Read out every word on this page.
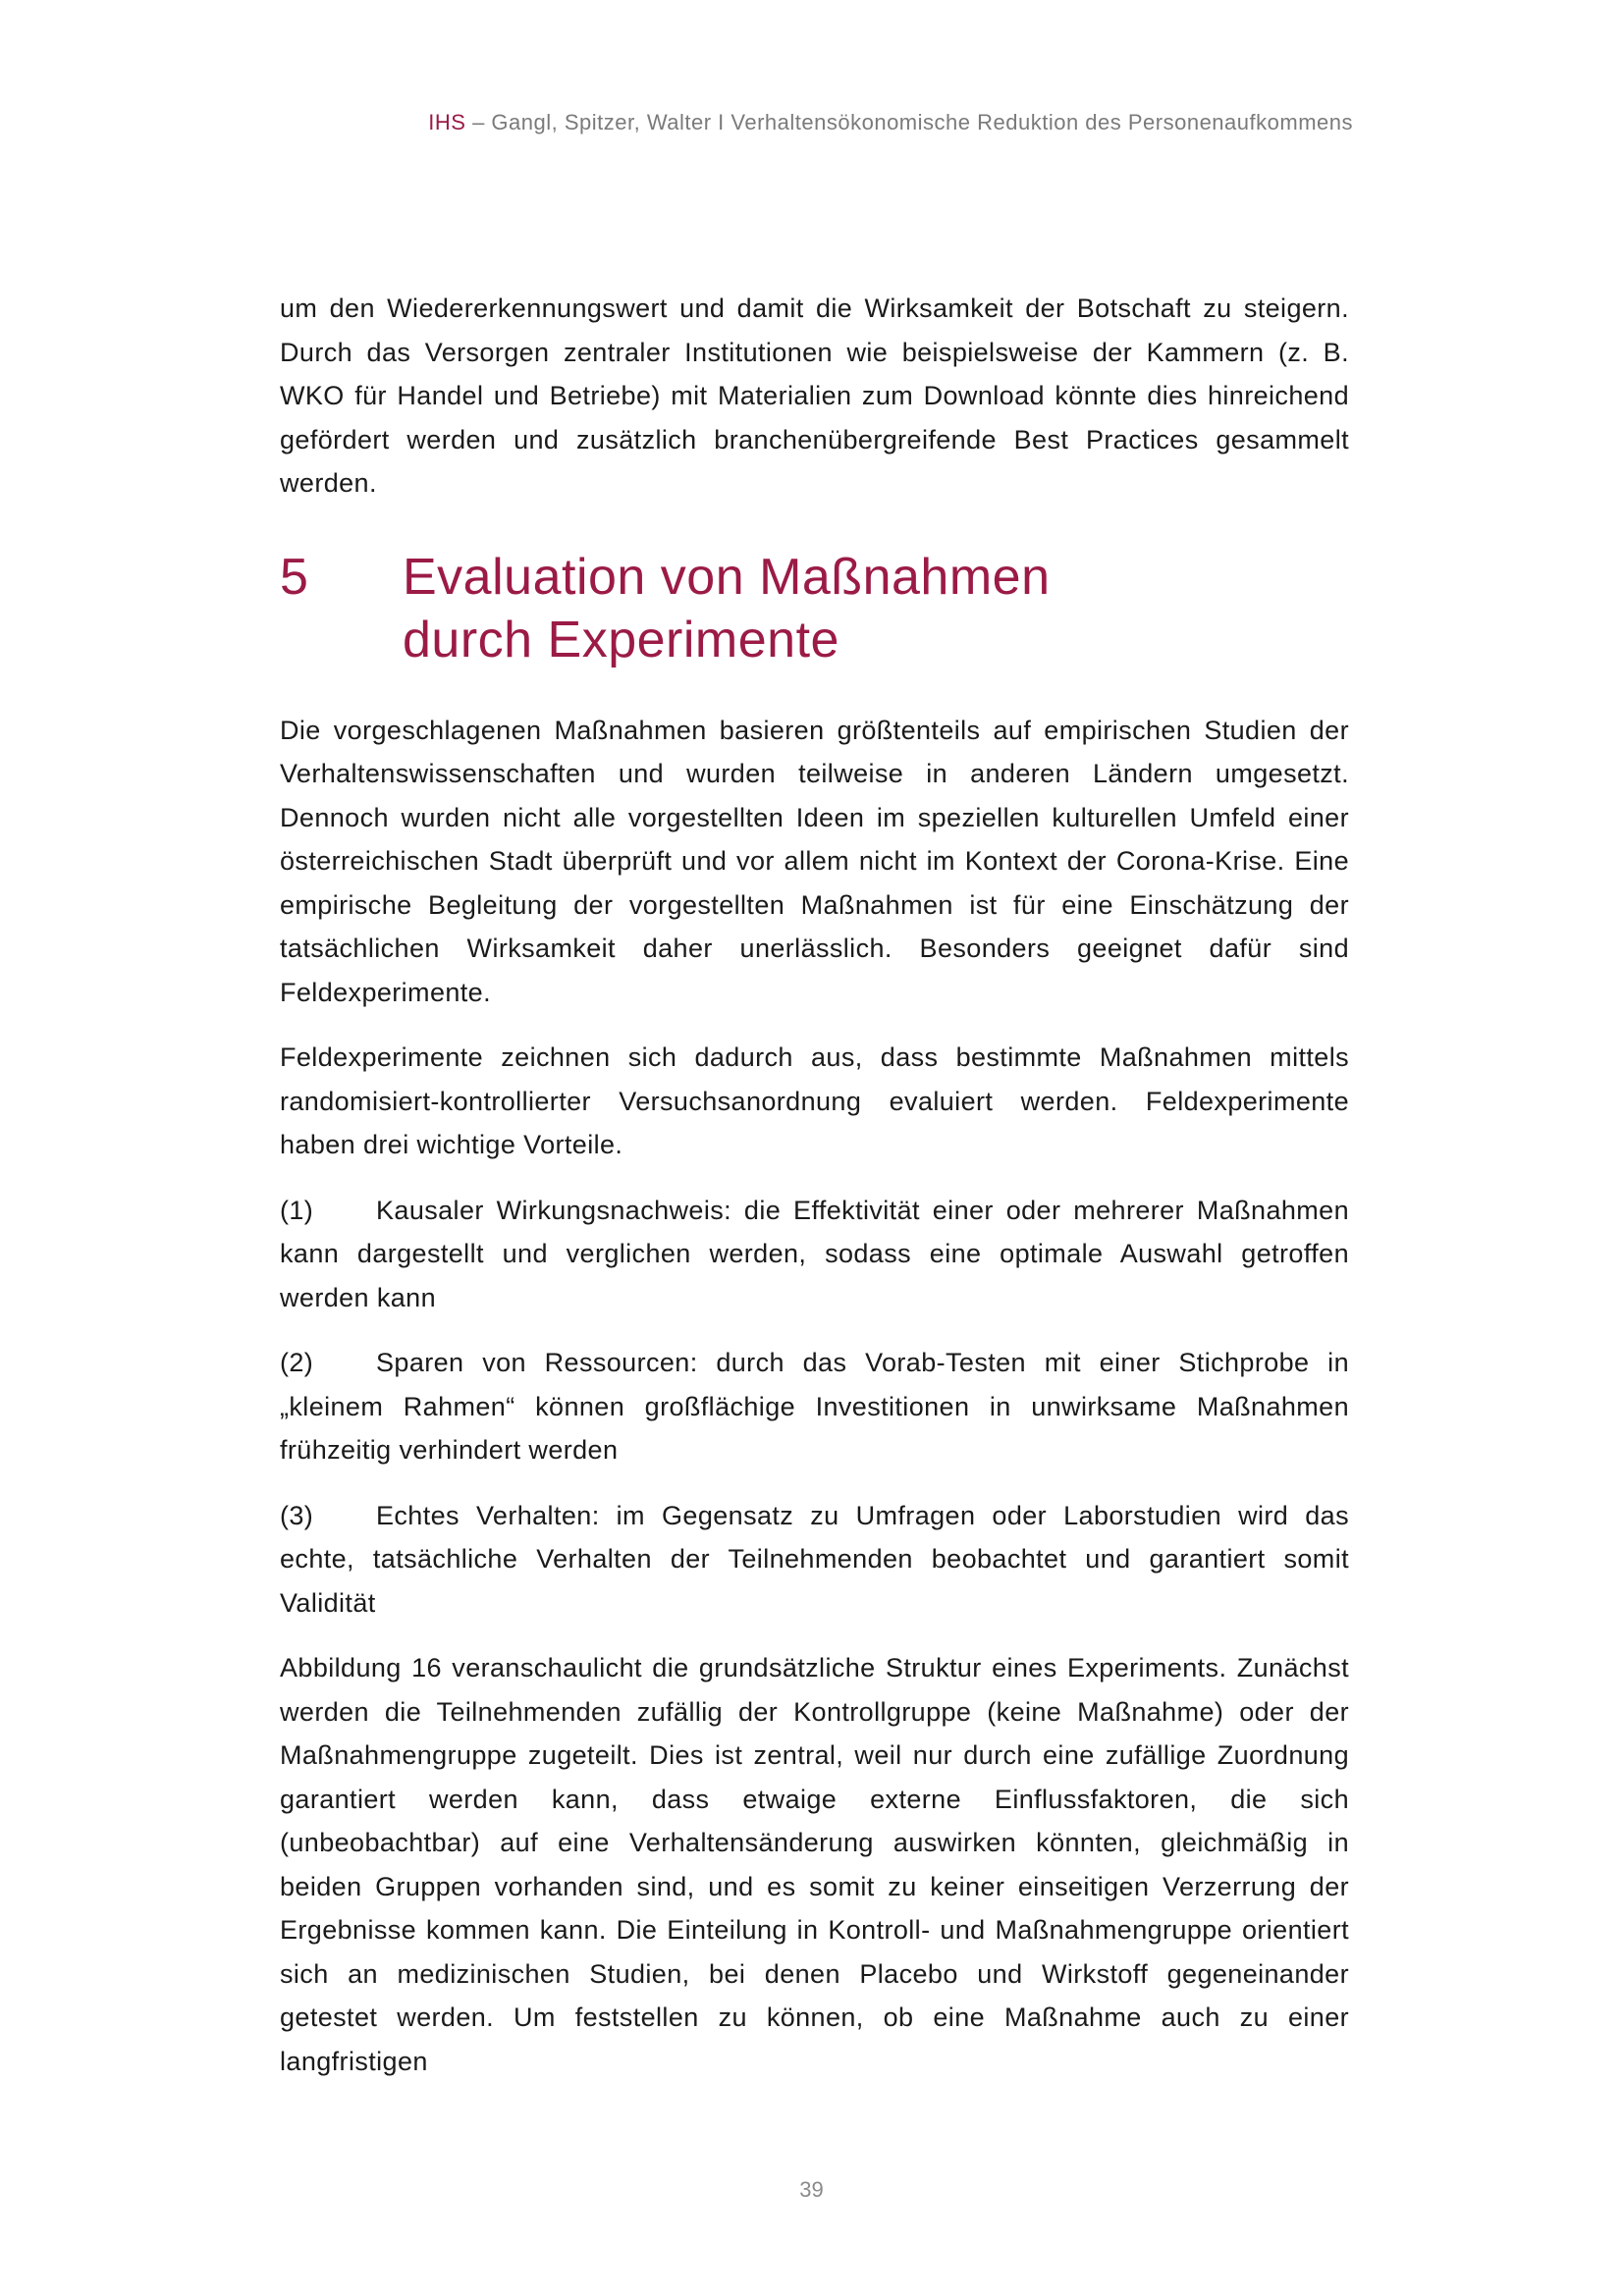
IHS – Gangl, Spitzer, Walter I Verhaltensökonomische Reduktion des Personenaufkommens

um den Wiedererkennungswert und damit die Wirksamkeit der Botschaft zu steigern. Durch das Versorgen zentraler Institutionen wie beispielsweise der Kammern (z. B. WKO für Handel und Betriebe) mit Materialien zum Download könnte dies hinreichend gefördert werden und zusätzlich branchenübergreifende Best Practices gesammelt werden.

5	Evaluation von Maßnahmen durch Experimente

Die vorgeschlagenen Maßnahmen basieren größtenteils auf empirischen Studien der Verhaltenswissenschaften und wurden teilweise in anderen Ländern umgesetzt. Dennoch wurden nicht alle vorgestellten Ideen im speziellen kulturellen Umfeld einer österreichischen Stadt überprüft und vor allem nicht im Kontext der Corona-Krise. Eine empirische Begleitung der vorgestellten Maßnahmen ist für eine Einschätzung der tatsächlichen Wirksamkeit daher unerlässlich. Besonders geeignet dafür sind Feldexperimente.

Feldexperimente zeichnen sich dadurch aus, dass bestimmte Maßnahmen mittels randomisiert-kontrollierter Versuchsanordnung evaluiert werden. Feldexperimente haben drei wichtige Vorteile.

(1) Kausaler Wirkungsnachweis: die Effektivität einer oder mehrerer Maßnahmen kann dargestellt und verglichen werden, sodass eine optimale Auswahl getroffen werden kann

(2) Sparen von Ressourcen: durch das Vorab-Testen mit einer Stichprobe in „kleinem Rahmen“ können großflächige Investitionen in unwirksame Maßnahmen frühzeitig verhindert werden

(3) Echtes Verhalten: im Gegensatz zu Umfragen oder Laborstudien wird das echte, tatsächliche Verhalten der Teilnehmenden beobachtet und garantiert somit Validität

Abbildung 16 veranschaulicht die grundsätzliche Struktur eines Experiments. Zunächst werden die Teilnehmenden zufällig der Kontrollgruppe (keine Maßnahme) oder der Maßnahmengruppe zugeteilt. Dies ist zentral, weil nur durch eine zufällige Zuordnung garantiert werden kann, dass etwaige externe Einflussfaktoren, die sich (unbeobachtbar) auf eine Verhaltensänderung auswirken könnten, gleichmäßig in beiden Gruppen vorhanden sind, und es somit zu keiner einseitigen Verzerrung der Ergebnisse kommen kann. Die Einteilung in Kontroll- und Maßnahmengruppe orientiert sich an medizinischen Studien, bei denen Placebo und Wirkstoff gegeneinander getestet werden. Um feststellen zu können, ob eine Maßnahme auch zu einer langfristigen

39
